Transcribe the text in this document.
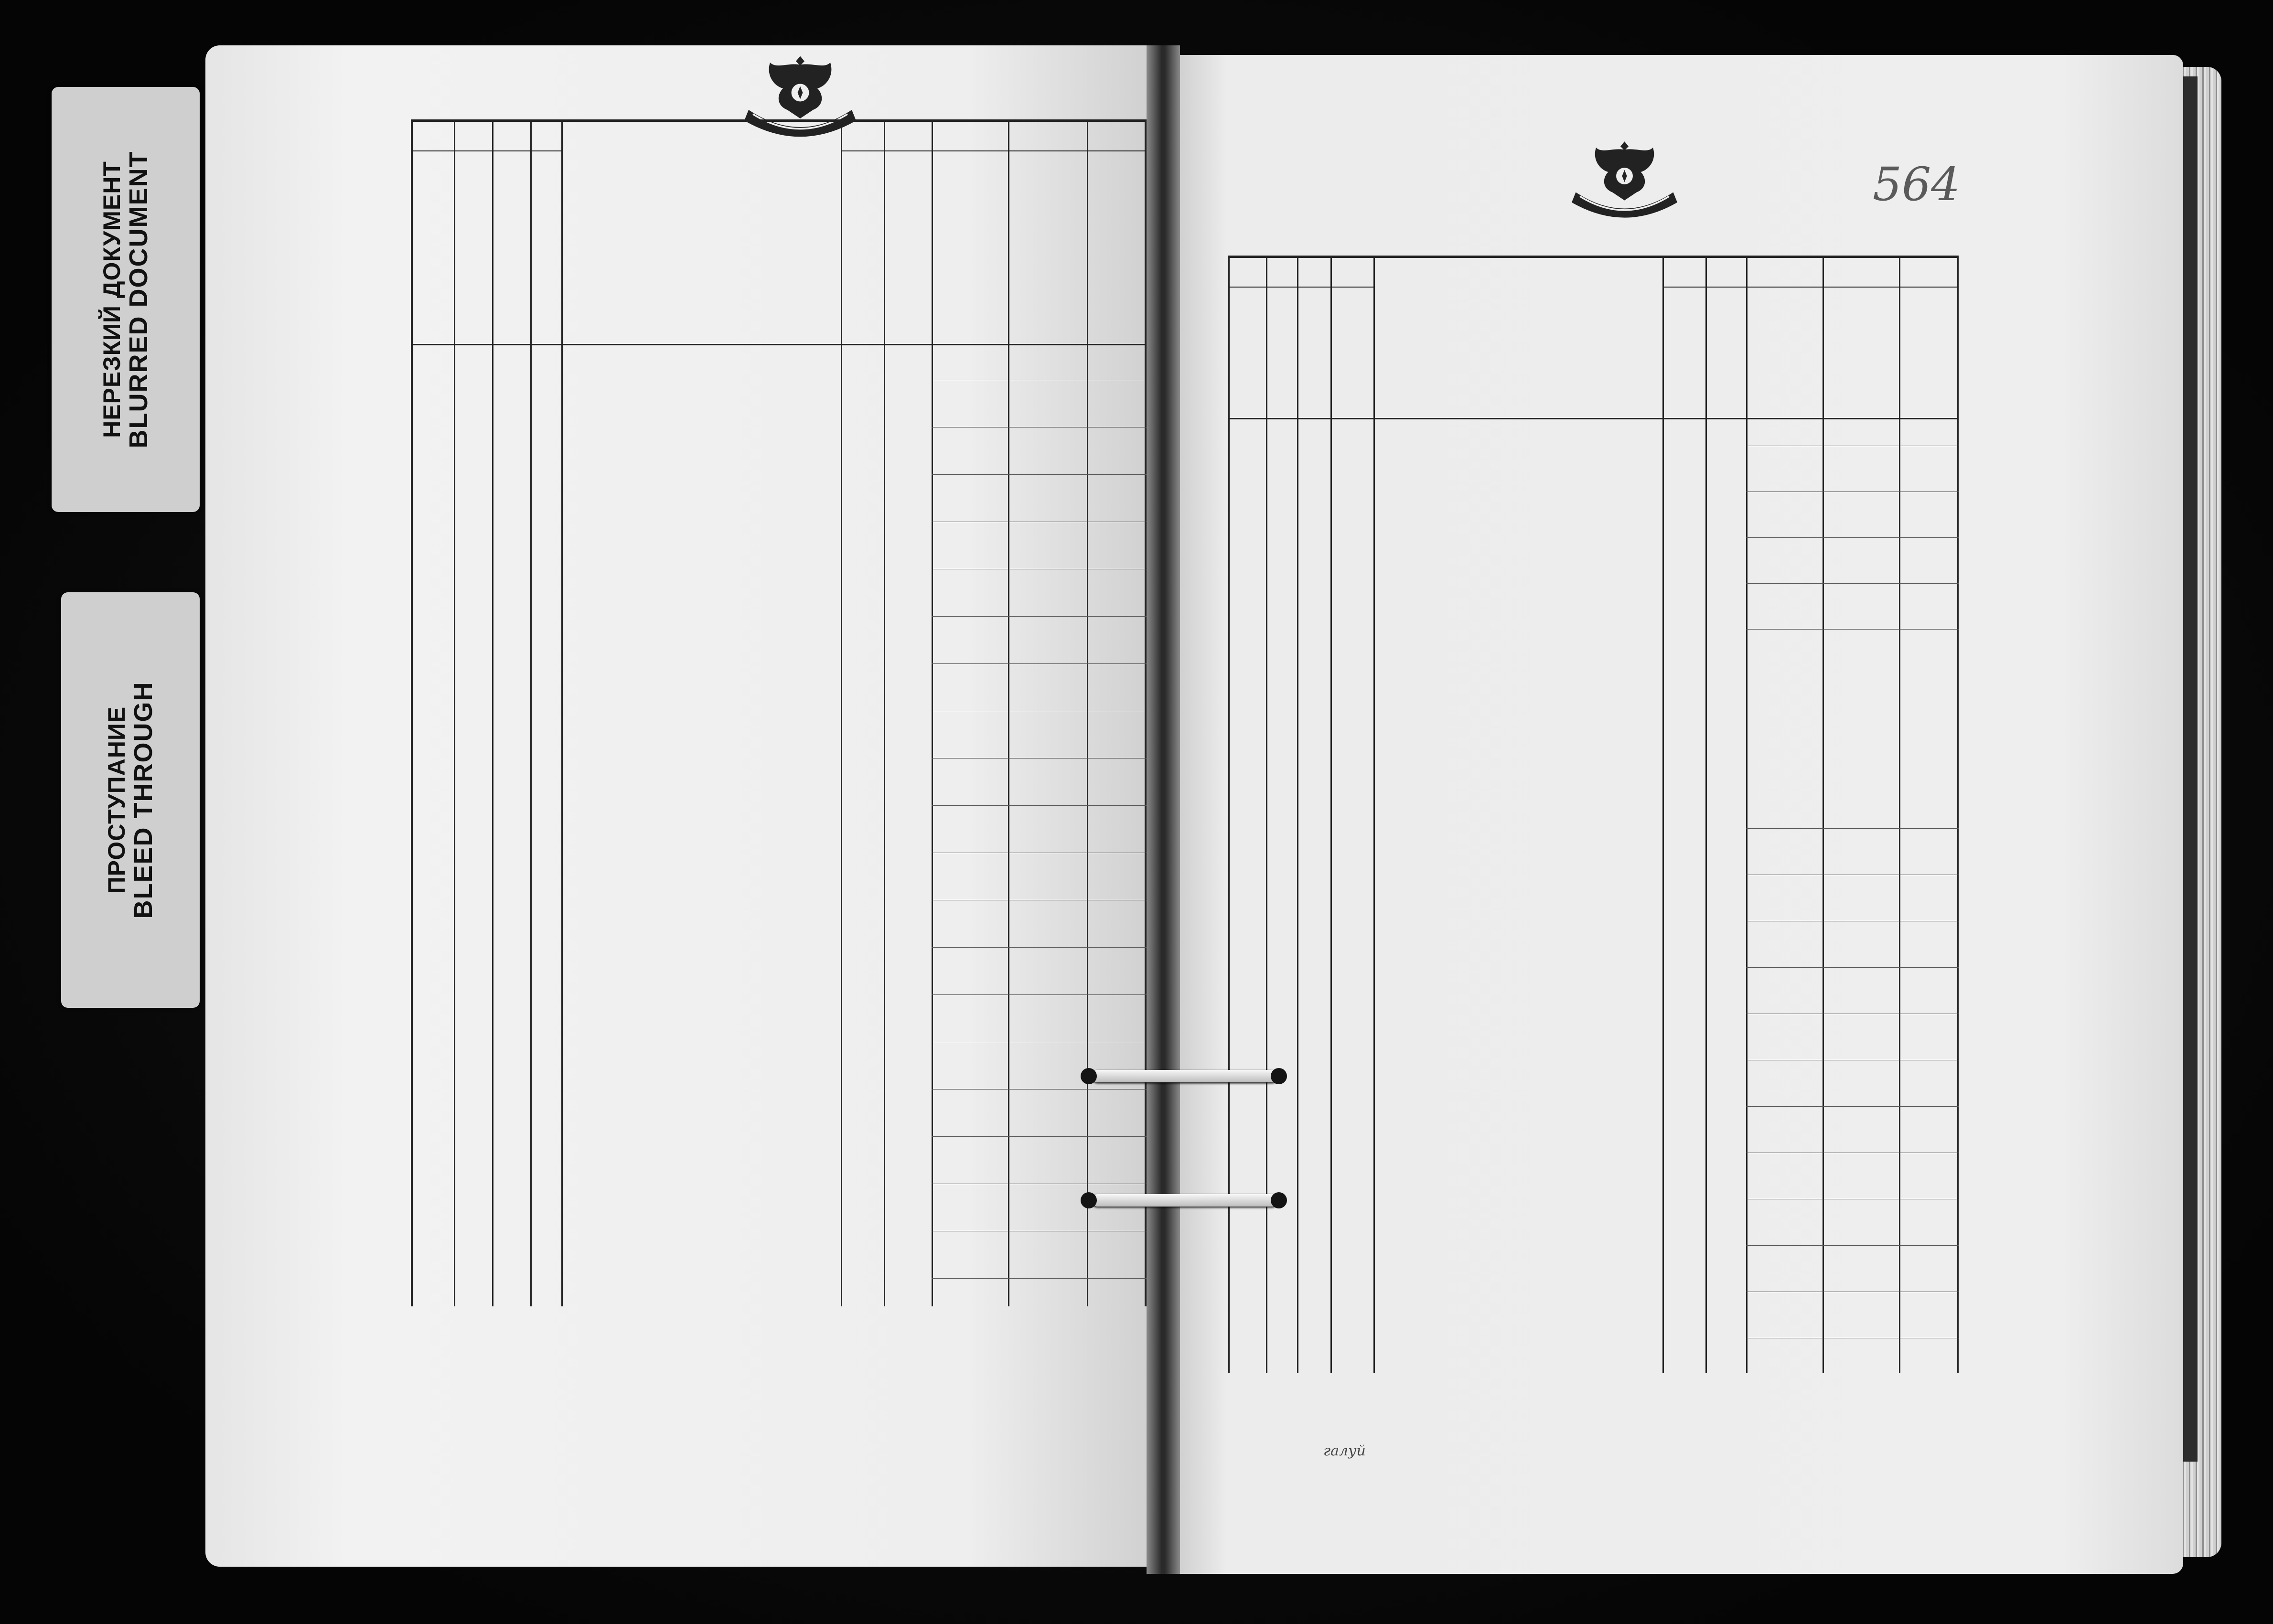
НЕРЕЗКИЙ ДОКУМЕНТ
BLURRED DOCUMENT
ПРОСТУПАНИЕ
BLEED THROUGH
564
галуй
